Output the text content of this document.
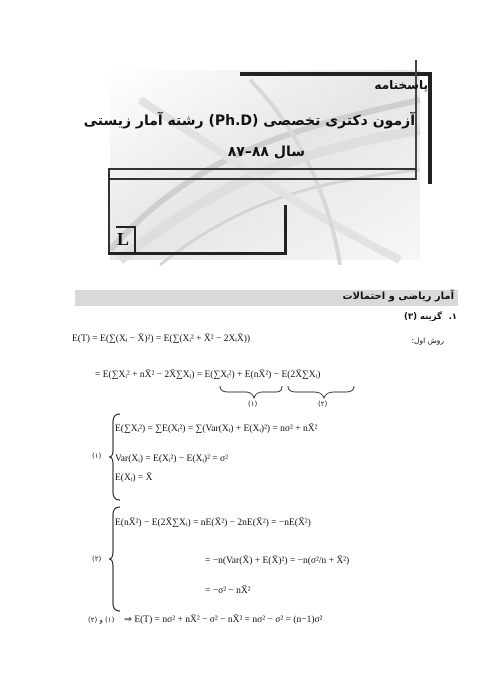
L
پاسخنامه
آزمون دکتری تخصصی (Ph.D) رشته آمار زیستی
سال ۸۸–۸۷
آمار ریاضی و احتمالات
۱.
گزینه (۳)
روش اول:
E(T) = E(∑(Xᵢ − X̄)²) = E(∑(Xᵢ² + X̄² − 2XᵢX̄))
= E(∑Xᵢ² + nX̄² − 2X̄∑Xᵢ) = E(∑Xᵢ²) + E(nX̄²) − E(2X̄∑Xᵢ)
(۱)	(۲)
(۱)
E(∑Xᵢ²) = ∑E(Xᵢ²) = ∑(Var(Xᵢ) + E(Xᵢ)²) = nσ² + nX̄²
Var(Xᵢ) = E(Xᵢ²) − E(Xᵢ)² = σ²
E(Xᵢ) = X̄
(۲)
E(nX̄²) − E(2X̄∑Xᵢ) = nE(X̄²) − 2nE(X̄²) = −nE(X̄²)
= −n(Var(X̄) + E(X̄)²) = −n(σ²/n + X̄²)
= −σ² − nX̄²
(۱) و (۲) ⇒ E(T) = nσ² + nX̄² − σ² − nX̄² = nσ² − σ² = (n−1)σ²
